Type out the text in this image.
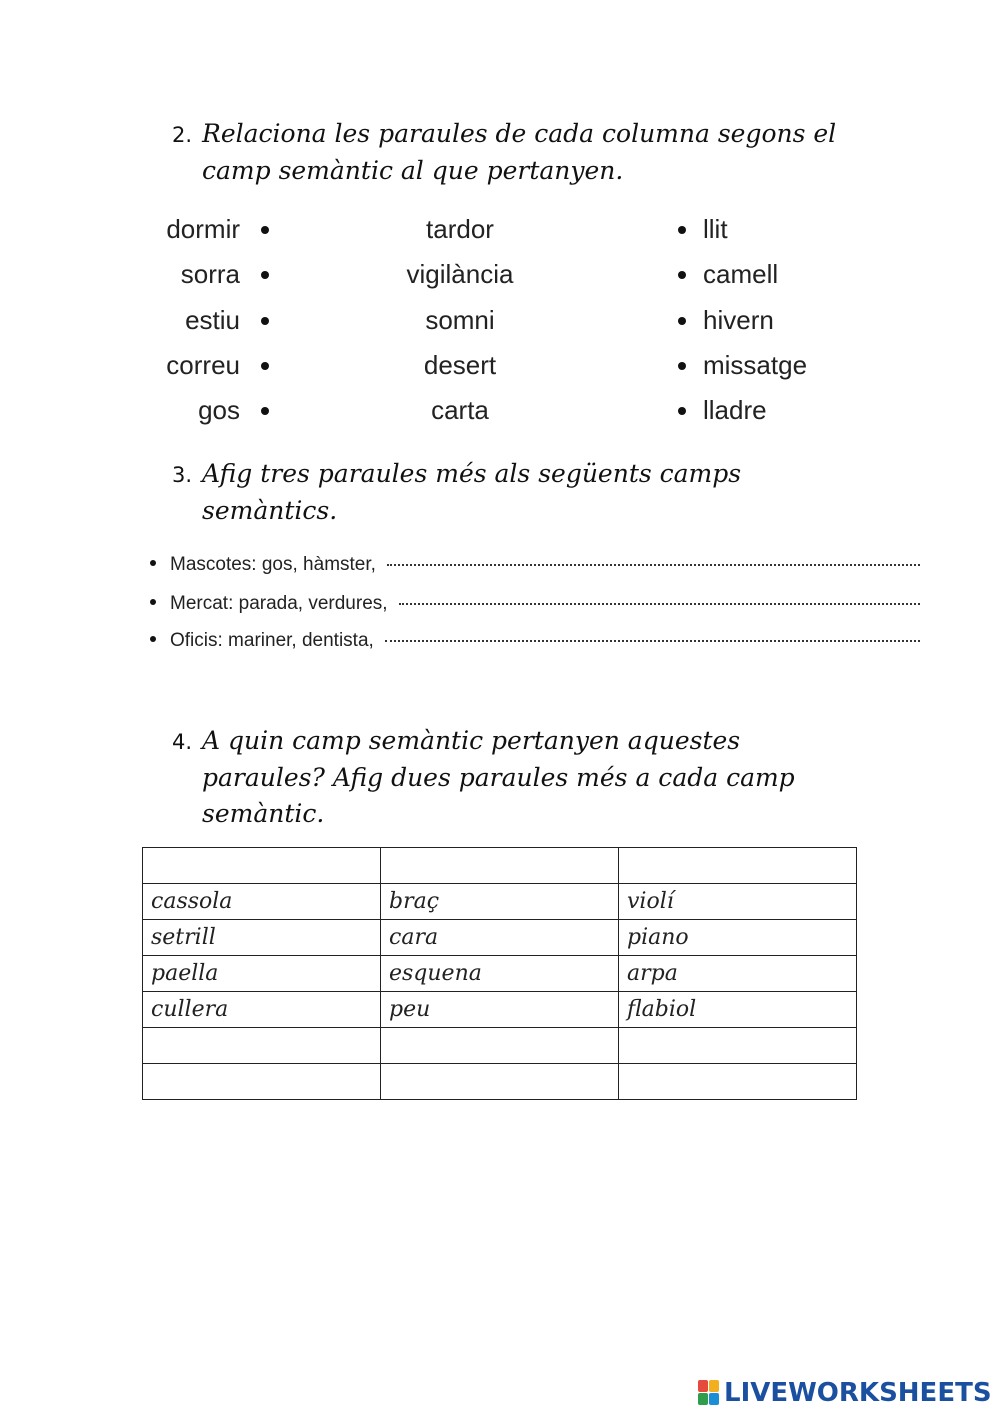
2. Relaciona les paraules de cada columna segons el
camp semàntic al que pertanyen.
dormir
sorra
estiu
correu
gos
tardor
vigilància
somni
desert
carta
llit
camell
hivern
missatge
lladre
3. Afig tres paraules més als següents camps
semàntics.
Mascotes: gos, hàmster,
Mercat: parada, verdures,
Oficis: mariner, dentista,
4. A quin camp semàntic pertanyen aquestes
paraules? Afig dues paraules més a cada camp
semàntic.

cassola	braç	violí
setrill	cara	piano
paella	esquena	arpa
cullera	peu	flabiol

LIVEWORKSHEETS
